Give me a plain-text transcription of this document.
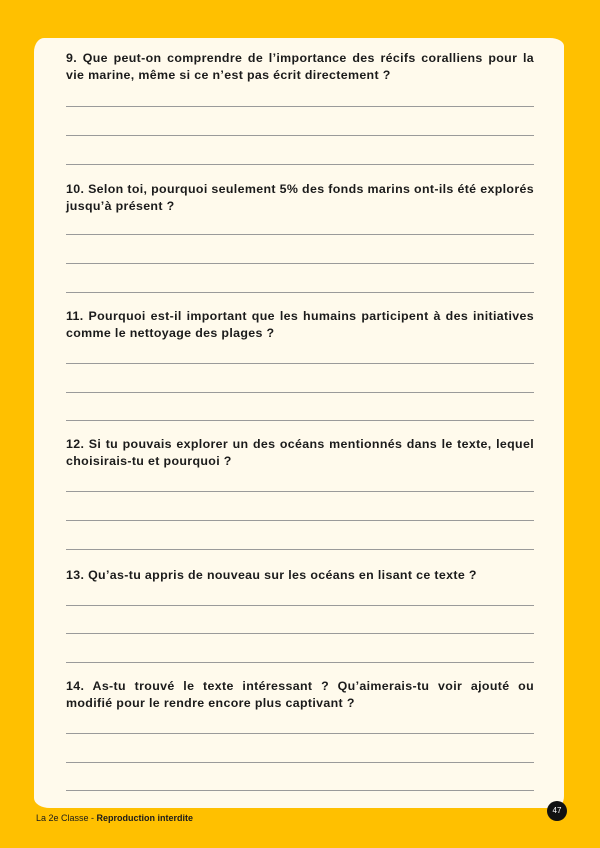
9. Que peut-on comprendre de l’importance des récifs coralliens pour la vie marine, même si ce n’est pas écrit directement ?

10. Selon toi, pourquoi seulement 5% des fonds marins ont-ils été explorés jusqu’à présent ?

11. Pourquoi est-il important que les humains participent à des initiatives comme le nettoyage des plages ?

12. Si tu pouvais explorer un des océans mentionnés dans le texte, lequel choisirais-tu et pourquoi ?

13. Qu’as-tu appris de nouveau sur les océans en lisant ce texte ?

14. As-tu trouvé le texte intéressant ? Qu’aimerais-tu voir ajouté ou modifié pour le rendre encore plus captivant ?

La 2e Classe - Reproduction interdite
47
